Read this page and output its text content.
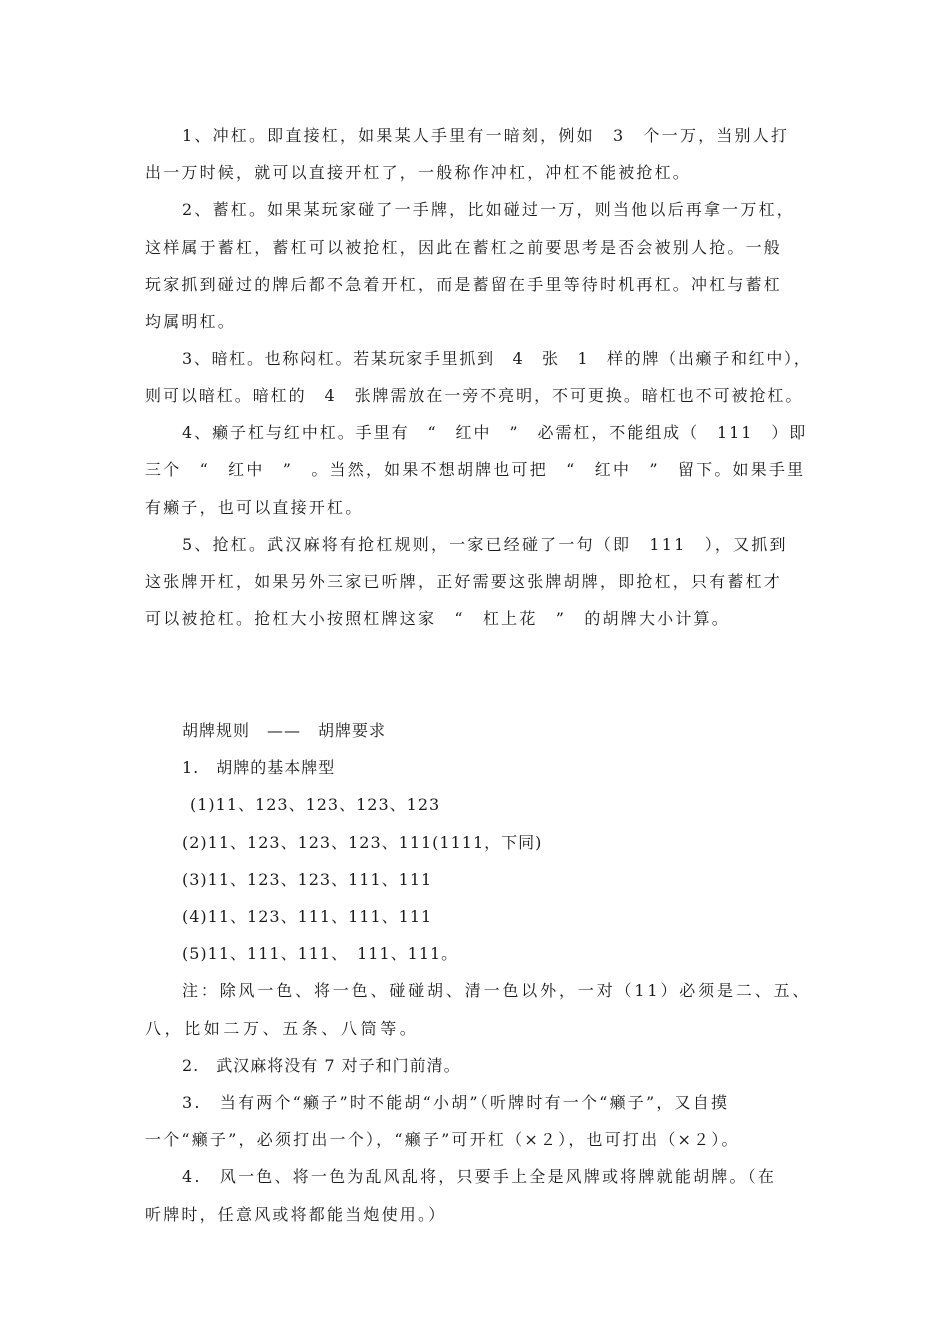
1、冲杠。即直接杠，如果某人手里有一暗刻，例如　3　个一万，当别人打
出一万时候，就可以直接开杠了，一般称作冲杠，冲杠不能被抢杠。
2、蓄杠。如果某玩家碰了一手牌，比如碰过一万，则当他以后再拿一万杠，
这样属于蓄杠，蓄杠可以被抢杠，因此在蓄杠之前要思考是否会被别人抢。一般
玩家抓到碰过的牌后都不急着开杠，而是蓄留在手里等待时机再杠。冲杠与蓄杠
均属明杠。
3、暗杠。也称闷杠。若某玩家手里抓到　4　张　1　样的牌（出癞子和红中），
则可以暗杠。暗杠的　4　张牌需放在一旁不亮明，不可更换。暗杠也不可被抢杠。
4、癞子杠与红中杠。手里有　“　红中　”　必需杠，不能组成（　111　）即
三个　“　红中　”　。当然，如果不想胡牌也可把　“　红中　”　留下。如果手里
有癞子，也可以直接开杠。
5、抢杠。武汉麻将有抢杠规则，一家已经碰了一句（即　111　），又抓到
这张牌开杠，如果另外三家已听牌，正好需要这张牌胡牌，即抢杠，只有蓄杠才
可以被抢杠。抢杠大小按照杠牌这家　“　杠上花　”　的胡牌大小计算。
胡牌规则　——　胡牌要求
1.　胡牌的基本牌型
(1)11、123、123、123、123
(2)11、123、123、123、111(1111，下同)
(3)11、123、123、111、111
(4)11、123、111、111、111
(5)11、111、111、　111、111。
注：除风一色、将一色、碰碰胡、清一色以外，一对（11）必须是二、五、
八，比如二万、五条、八筒等。
2.　武汉麻将没有 7 对子和门前清。
3.　当有两个“癞子”时不能胡“小胡”（听牌时有一个“癞子”，又自摸
一个“癞子”，必须打出一个），“癞子”可开杠（×２），也可打出（×２）。
4.　风一色、将一色为乱风乱将，只要手上全是风牌或将牌就能胡牌。（在
听牌时，任意风或将都能当炮使用。）
